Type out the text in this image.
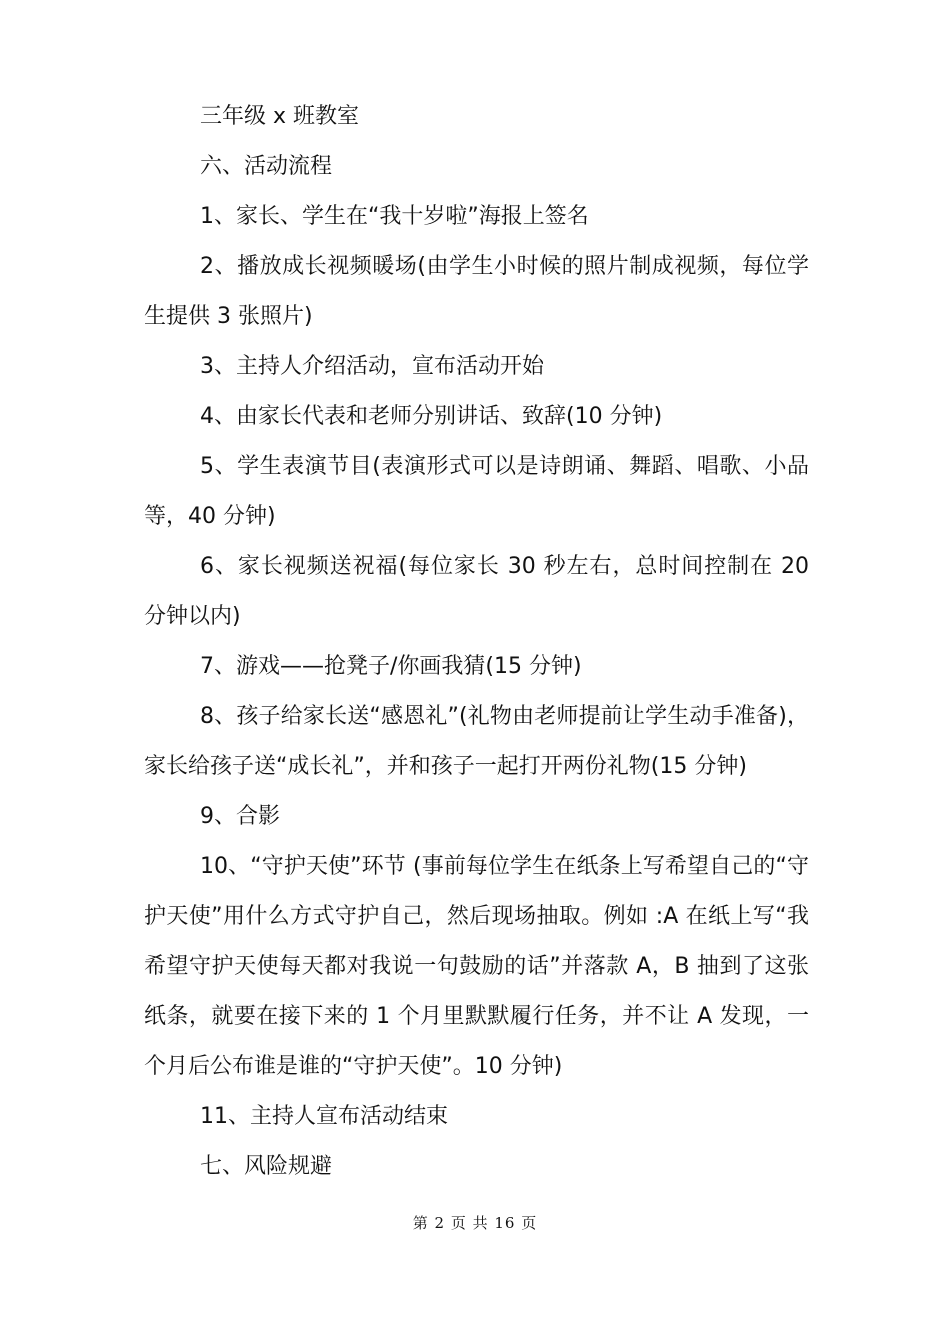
三年级 x 班教室

六、活动流程

1、家长、学生在“我十岁啦”海报上签名

2、播放成长视频暖场(由学生小时候的照片制成视频，每位学生提供 3 张照片)

3、主持人介绍活动，宣布活动开始

4、由家长代表和老师分别讲话、致辞(10 分钟)

5、学生表演节目(表演形式可以是诗朗诵、舞蹈、唱歌、小品等，40 分钟)

6、家长视频送祝福(每位家长 30 秒左右，总时间控制在 20 分钟以内)

7、游戏——抢凳子/你画我猜(15 分钟)

8、孩子给家长送“感恩礼”(礼物由老师提前让学生动手准备)，家长给孩子送“成长礼”，并和孩子一起打开两份礼物(15 分钟)

9、合影

10、“守护天使”环节 (事前每位学生在纸条上写希望自己的“守护天使”用什么方式守护自己，然后现场抽取。例如 :A 在纸上写“我希望守护天使每天都对我说一句鼓励的话”并落款 A，B 抽到了这张纸条，就要在接下来的 1 个月里默默履行任务，并不让 A 发现，一个月后公布谁是谁的“守护天使”。10 分钟)

11、主持人宣布活动结束

七、风险规避

第 2 页 共 16 页
